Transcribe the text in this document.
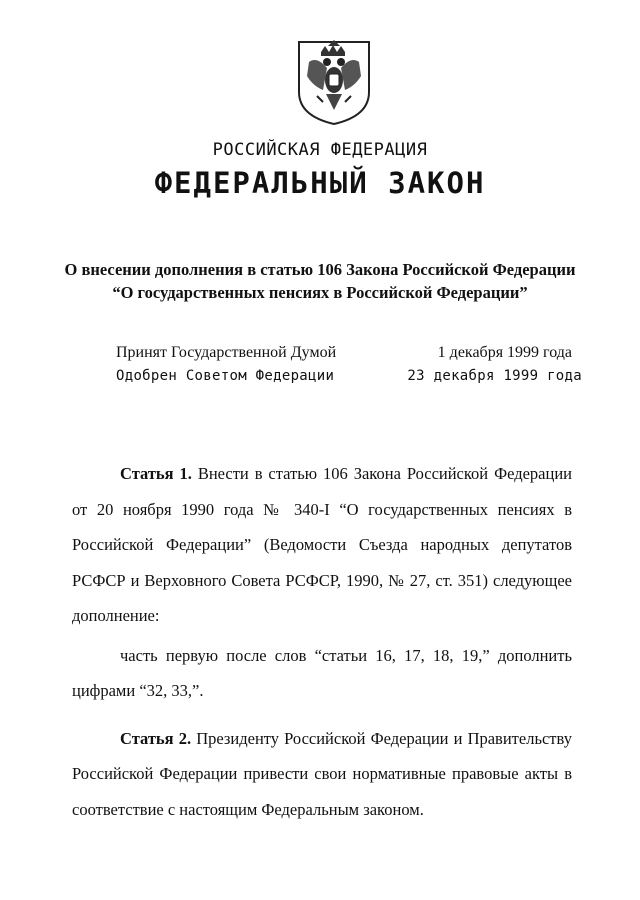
РОССИЙСКАЯ ФЕДЕРАЦИЯ
ФЕДЕРАЛЬНЫЙ ЗАКОН
О внесении дополнения в статью 106 Закона Российской Федерации
“О государственных пенсиях в Российской Федерации”
Принят Государственной Думой	1 декабря 1999 года
Одобрен Советом Федерации	23 декабря 1999 года

Статья 1. Внести в статью 106 Закона Российской Федерации от 20 ноября 1990 года № 340-I “О государственных пенсиях в Российской Федерации” (Ведомости Съезда народных депутатов РСФСР и Верховного Совета РСФСР, 1990, № 27, ст. 351) следующее дополнение:

часть первую после слов “статьи 16, 17, 18, 19,” дополнить цифрами “32, 33,”.

Статья 2. Президенту Российской Федерации и Правительству Российской Федерации привести свои нормативные правовые акты в соответствие с настоящим Федеральным законом.
